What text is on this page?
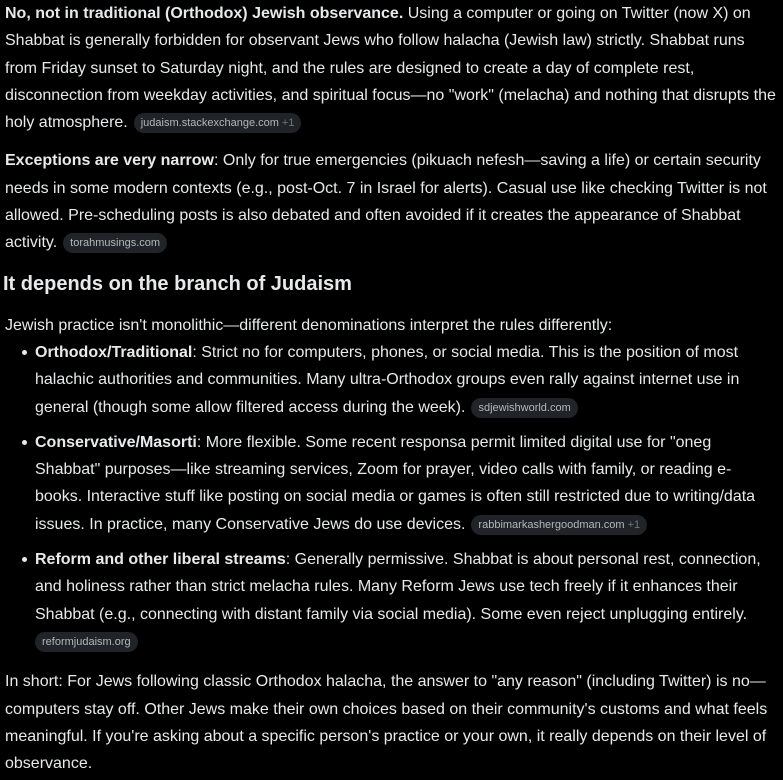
No, not in traditional (Orthodox) Jewish observance. Using a computer or going on Twitter (now X) on Shabbat is generally forbidden for observant Jews who follow halacha (Jewish law) strictly. Shabbat runs from Friday sunset to Saturday night, and the rules are designed to create a day of complete rest, disconnection from weekday activities, and spiritual focus—no "work" (melacha) and nothing that disrupts the holy atmosphere. judaism.stackexchange.com +1

Exceptions are very narrow: Only for true emergencies (pikuach nefesh—saving a life) or certain security needs in some modern contexts (e.g., post-Oct. 7 in Israel for alerts). Casual use like checking Twitter is not allowed. Pre-scheduling posts is also debated and often avoided if it creates the appearance of Shabbat activity. torahmusings.com

It depends on the branch of Judaism

Jewish practice isn't monolithic—different denominations interpret the rules differently:

Orthodox/Traditional: Strict no for computers, phones, or social media. This is the position of most halachic authorities and communities. Many ultra-Orthodox groups even rally against internet use in general (though some allow filtered access during the week). sdjewishworld.com
Conservative/Masorti: More flexible. Some recent responsa permit limited digital use for "oneg Shabbat" purposes—like streaming services, Zoom for prayer, video calls with family, or reading e-books. Interactive stuff like posting on social media or games is often still restricted due to writing/data issues. In practice, many Conservative Jews do use devices. rabbimarkashergoodman.com +1
Reform and other liberal streams: Generally permissive. Shabbat is about personal rest, connection, and holiness rather than strict melacha rules. Many Reform Jews use tech freely if it enhances their Shabbat (e.g., connecting with distant family via social media). Some even reject unplugging entirely.
reformjudaism.org

In short: For Jews following classic Orthodox halacha, the answer to "any reason" (including Twitter) is no—computers stay off. Other Jews make their own choices based on their community's customs and what feels meaningful. If you're asking about a specific person's practice or your own, it really depends on their level of observance.
